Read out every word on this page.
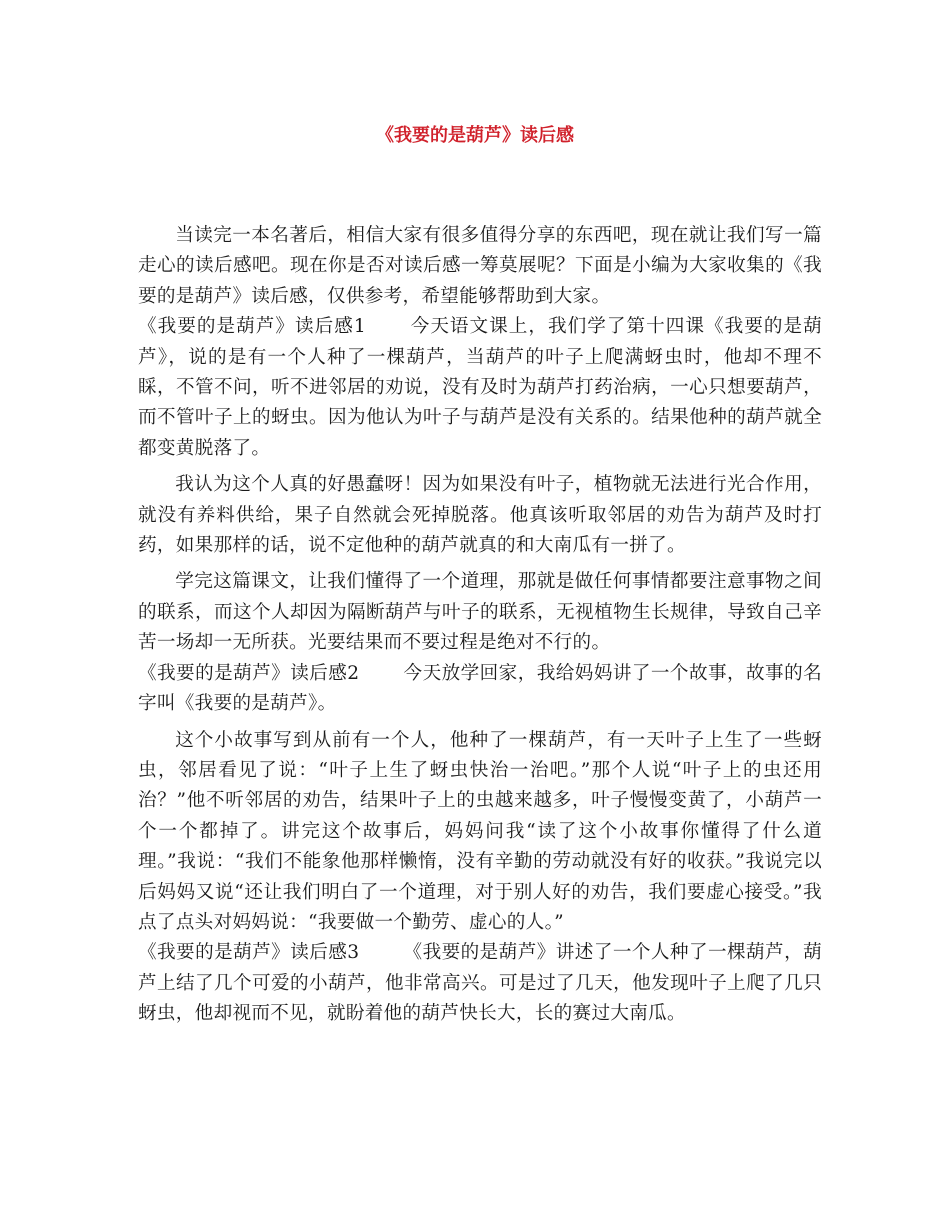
《我要的是葫芦》读后感

当读完一本名著后，相信大家有很多值得分享的东西吧，现在就让我们写一篇走心的读后感吧。现在你是否对读后感一筹莫展呢？下面是小编为大家收集的《我要的是葫芦》读后感，仅供参考，希望能够帮助到大家。

《我要的是葫芦》读后感1 今天语文课上，我们学了第十四课《我要的是葫芦》，说的是有一个人种了一棵葫芦，当葫芦的叶子上爬满蚜虫时，他却不理不睬，不管不问，听不进邻居的劝说，没有及时为葫芦打药治病，一心只想要葫芦，而不管叶子上的蚜虫。因为他认为叶子与葫芦是没有关系的。结果他种的葫芦就全都变黄脱落了。

我认为这个人真的好愚蠢呀！因为如果没有叶子，植物就无法进行光合作用，就没有养料供给，果子自然就会死掉脱落。他真该听取邻居的劝告为葫芦及时打药，如果那样的话，说不定他种的葫芦就真的和大南瓜有一拼了。

学完这篇课文，让我们懂得了一个道理，那就是做任何事情都要注意事物之间的联系，而这个人却因为隔断葫芦与叶子的联系，无视植物生长规律，导致自己辛苦一场却一无所获。光要结果而不要过程是绝对不行的。

《我要的是葫芦》读后感2 今天放学回家，我给妈妈讲了一个故事，故事的名字叫《我要的是葫芦》。

这个小故事写到从前有一个人，他种了一棵葫芦，有一天叶子上生了一些蚜虫，邻居看见了说：“叶子上生了蚜虫快治一治吧。”那个人说“叶子上的虫还用治？”他不听邻居的劝告，结果叶子上的虫越来越多，叶子慢慢变黄了，小葫芦一个一个都掉了。讲完这个故事后，妈妈问我“读了这个小故事你懂得了什么道理。”我说：“我们不能象他那样懒惰，没有辛勤的劳动就没有好的收获。”我说完以后妈妈又说“还让我们明白了一个道理，对于别人好的劝告，我们要虚心接受。”我点了点头对妈妈说：“我要做一个勤劳、虚心的人。”

《我要的是葫芦》读后感3 《我要的是葫芦》讲述了一个人种了一棵葫芦，葫芦上结了几个可爱的小葫芦，他非常高兴。可是过了几天，他发现叶子上爬了几只蚜虫，他却视而不见，就盼着他的葫芦快长大，长的赛过大南瓜。
